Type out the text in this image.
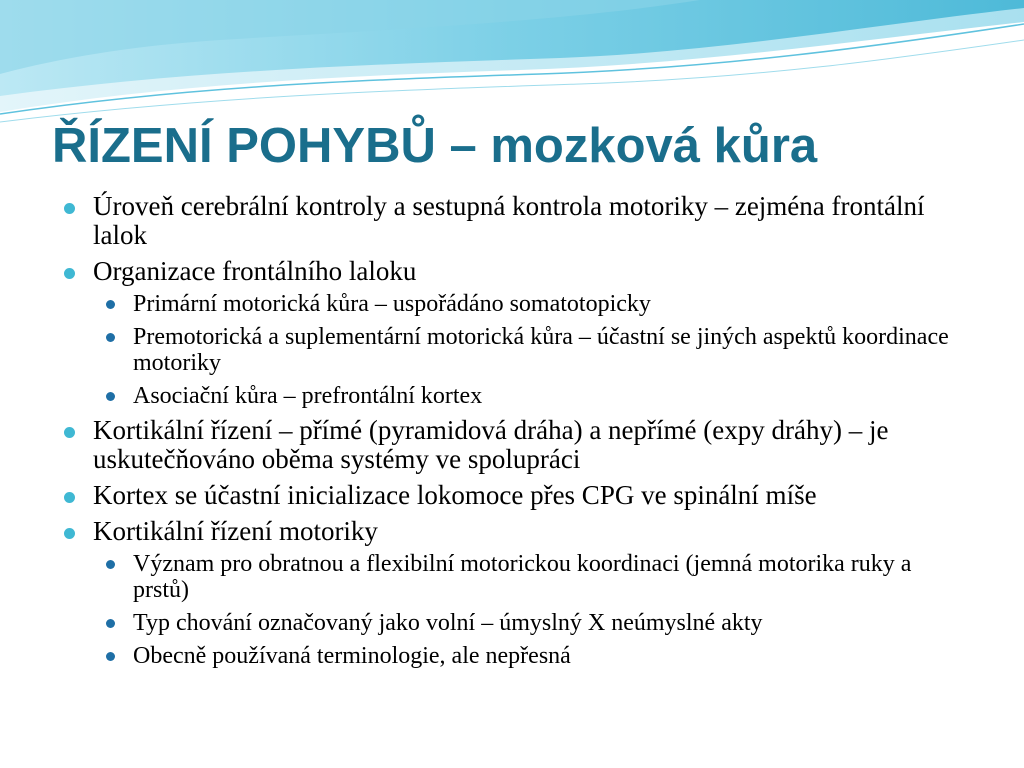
ŘÍZENÍ POHYBŮ – mozková kůra
Úroveň cerebrální kontroly a sestupná kontrola motoriky – zejména frontální lalok
Organizace frontálního laloku
Primární motorická kůra – uspořádáno somatotopicky
Premotorická a suplementární motorická kůra – účastní se jiných aspektů koordinace motoriky
Asociační kůra – prefrontální kortex
Kortikální řízení – přímé (pyramidová dráha) a nepřímé (expy dráhy) – je uskutečňováno oběma systémy ve spolupráci
Kortex se účastní inicializace lokomoce přes CPG ve spinální míše
Kortikální řízení motoriky
Význam pro obratnou a flexibilní motorickou koordinaci (jemná motorika ruky a prstů)
Typ chování označovaný jako volní – úmyslný X neúmyslné akty
Obecně používaná terminologie, ale nepřesná
